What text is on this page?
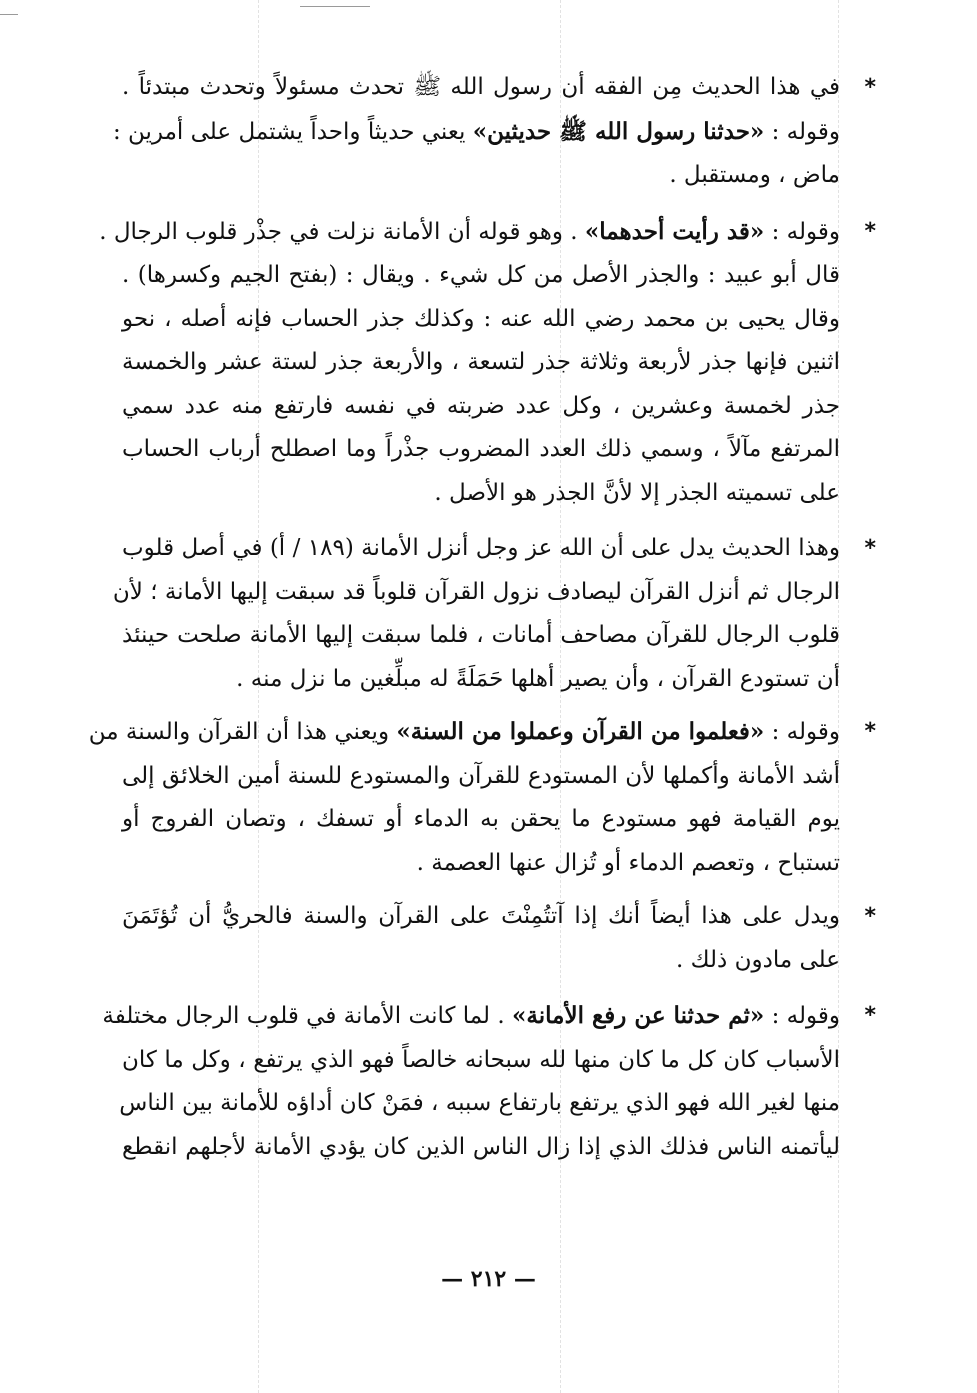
*
في هذا الحديث مِن الفقه أن رسول الله ﷺ تحدث مسئولاً وتحدث مبتدئاً .
وقوله : «حدثنا رسول الله ﷺ حديثين» يعني حديثاً واحداً يشتمل على أمرين :
ماض ، ومستقبل .
*
وقوله : «قد رأيت أحدهما» . وهو قوله أن الأمانة نزلت في جذْر قلوب الرجال .
قال أبو عبيد : والجذر الأصل من كل شيء . ويقال : (بفتح الجيم وكسرها) .
وقال يحيى بن محمد رضي الله عنه : وكذلك جذر الحساب فإنه أصله ، نحو
اثنين فإنها جذر لأربعة وثلاثة جذر لتسعة ، والأربعة جذر لستة عشر والخمسة
جذر لخمسة وعشرين ، وكل عدد ضربته في نفسه فارتفع منه عدد سمي
المرتفع مآلاً ، وسمي ذلك العدد المضروب جذْراً وما اصطلح أرباب الحساب
على تسميته الجذر إلا لأنَّ الجذر هو الأصل .
*
وهذا الحديث يدل على أن الله عز وجل أنزل الأمانة (١٨٩ / أ) في أصل قلوب
الرجال ثم أنزل القرآن ليصادف نزول القرآن قلوباً قد سبقت إليها الأمانة ؛ لأن
قلوب الرجال للقرآن مصاحف أمانات ، فلما سبقت إليها الأمانة صلحت حينئذ
أن تستودع القرآن ، وأن يصير أهلها حَمَلَةً له مبلِّغين ما نزل منه .
*
وقوله : «فعلموا من القرآن وعملوا من السنة» ويعني هذا أن القرآن والسنة من
أشد الأمانة وأكملها لأن المستودع للقرآن والمستودع للسنة أمين الخلائق إلى
يوم القيامة فهو مستودع ما يحقن به الدماء أو تسفك ، وتصان الفروج أو
تستباح ، وتعصم الدماء أو تُزال عنها العصمة .
*
ويدل على هذا أيضاً أنك إذا آتتُمِنْتَ على القرآن والسنة فالحريُّ أن تُؤتَمَنَ
على مادون ذلك .
*
وقوله : «ثم حدثنا عن رفع الأمانة» . لما كانت الأمانة في قلوب الرجال مختلفة
الأسباب كان كل ما كان منها لله سبحانه خالصاً فهو الذي يرتفع ، وكل ما كان
منها لغير الله فهو الذي يرتفع بارتفاع سببه ، فمَنْ كان أداؤه للأمانة بين الناس
ليأتمنه الناس فذلك الذي إذا زال الناس الذين كان يؤدي الأمانة لأجلهم انقطع
— ٢١٢ —
